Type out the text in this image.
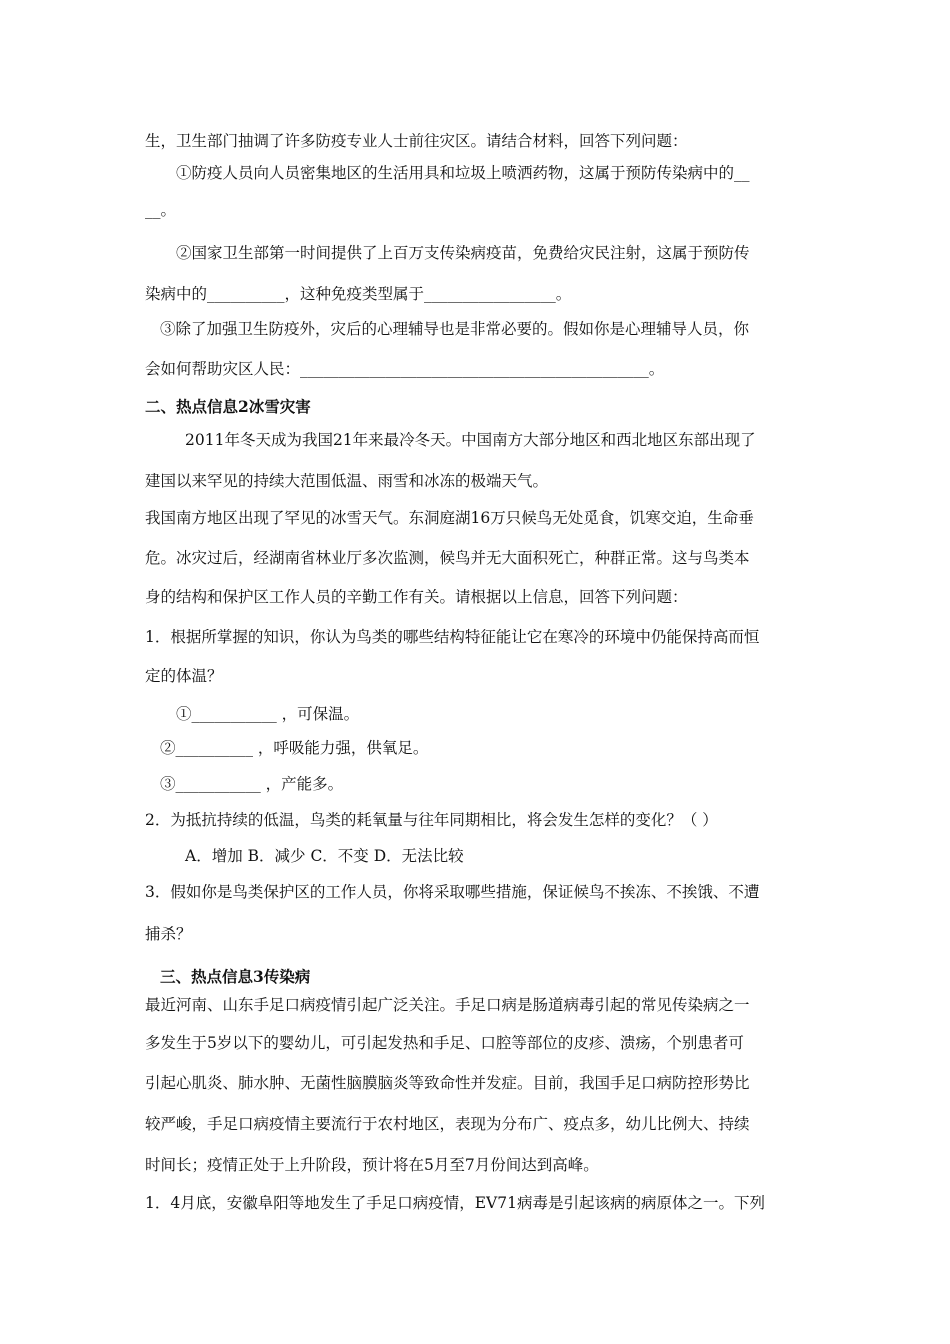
生，卫生部门抽调了许多防疫专业人士前往灾区。请结合材料，回答下列问题：
①防疫人员向人员密集地区的生活用具和垃圾上喷洒药物，这属于预防传染病中的__
__。
②国家卫生部第一时间提供了上百万支传染病疫苗，免费给灾民注射，这属于预防传
染病中的__________，这种免疫类型属于_________________。
③除了加强卫生防疫外，灾后的心理辅导也是非常必要的。假如你是心理辅导人员，你
会如何帮助灾区人民：_____________________________________________。
二、热点信息2冰雪灾害
2011年冬天成为我国21年来最冷冬天。中国南方大部分地区和西北地区东部出现了
建国以来罕见的持续大范围低温、雨雪和冰冻的极端天气。
我国南方地区出现了罕见的冰雪天气。东洞庭湖16万只候鸟无处觅食，饥寒交迫，生命垂
危。冰灾过后，经湖南省林业厅多次监测，候鸟并无大面积死亡，种群正常。这与鸟类本
身的结构和保护区工作人员的辛勤工作有关。请根据以上信息，回答下列问题：
1．根据所掌握的知识，你认为鸟类的哪些结构特征能让它在寒冷的环境中仍能保持高而恒
定的体温？
①___________ ，可保温。
②__________ ，呼吸能力强，供氧足。
③___________ ，产能多。
2．为抵抗持续的低温，鸟类的耗氧量与往年同期相比，将会发生怎样的变化？（ ）
A．增加 B．减少 C．不变 D．无法比较
3．假如你是鸟类保护区的工作人员，你将采取哪些措施，保证候鸟不挨冻、不挨饿、不遭
捕杀？
三、热点信息3传染病
最近河南、山东手足口病疫情引起广泛关注。手足口病是肠道病毒引起的常见传染病之一
多发生于5岁以下的婴幼儿，可引起发热和手足、口腔等部位的皮疹、溃疡，个别患者可
引起心肌炎、肺水肿、无菌性脑膜脑炎等致命性并发症。目前，我国手足口病防控形势比
较严峻，手足口病疫情主要流行于农村地区，表现为分布广、疫点多，幼儿比例大、持续
时间长；疫情正处于上升阶段，预计将在5月至7月份间达到高峰。
1．4月底，安徽阜阳等地发生了手足口病疫情，EV71病毒是引起该病的病原体之一。下列
